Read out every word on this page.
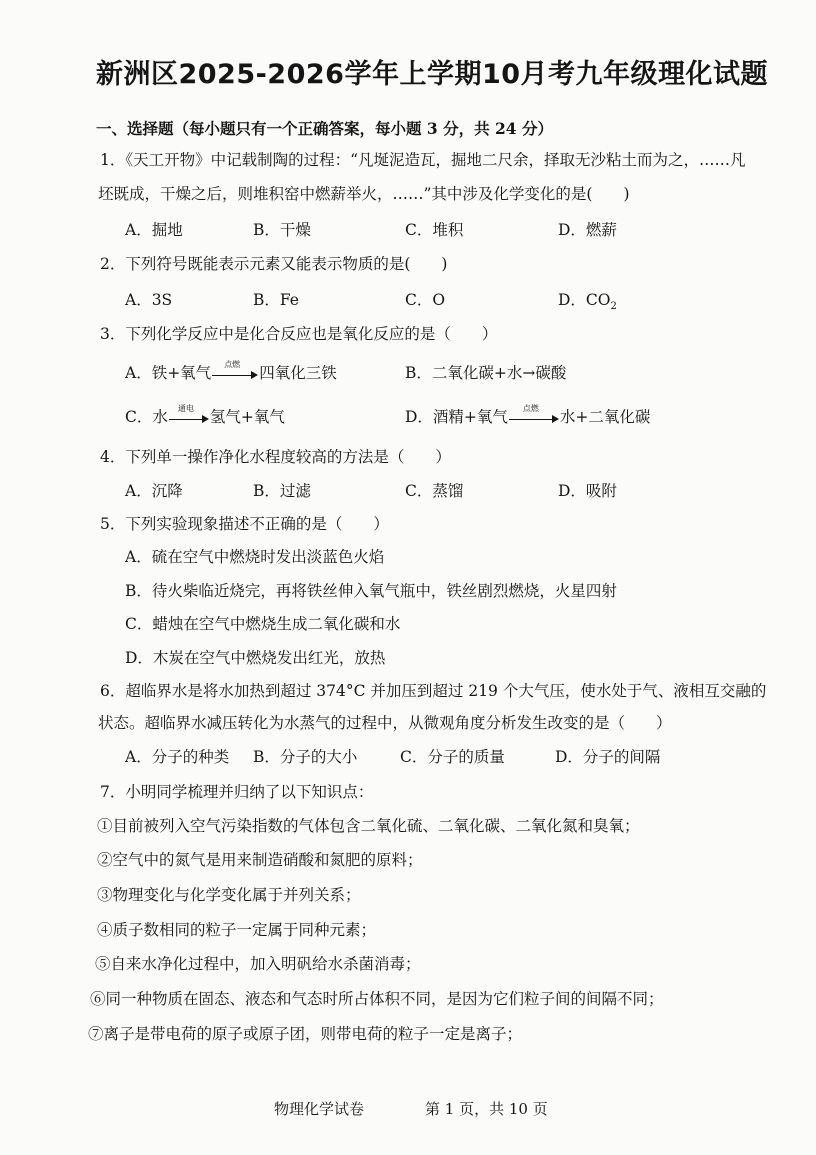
新洲区2025-2026学年上学期10月考九年级理化试题
一、选择题（每小题只有一个正确答案，每小题 3 分，共 24 分）
1．《天工开物》中记载制陶的过程：“凡埏泥造瓦，掘地二尺余，择取无沙粘土而为之，……凡
坯既成，干燥之后，则堆积窑中燃薪举火，……”其中涉及化学变化的是(　　)
A．掘地	B．干燥	C．堆积	D．燃薪
2．下列符号既能表示元素又能表示物质的是(　　)
A．3S	B．Fe	C．O	D．$CO_2$
3．下列化学反应中是化合反应也是氧化反应的是（　　）
A．铁+氧气	点燃	四氧化三铁	B．二氧化碳+水→碳酸
C．水	通电	氢气+氧气	D．酒精+氧气	点燃	水+二氧化碳
4．下列单一操作净化水程度较高的方法是（　　）
A．沉降	B．过滤	C．蒸馏	D．吸附
5．下列实验现象描述不正确的是（　　）
A．硫在空气中燃烧时发出淡蓝色火焰
B．待火柴临近烧完，再将铁丝伸入氧气瓶中，铁丝剧烈燃烧，火星四射
C．蜡烛在空气中燃烧生成二氧化碳和水
D．木炭在空气中燃烧发出红光，放热
6．超临界水是将水加热到超过 374°C 并加压到超过 219 个大气压，使水处于气、液相互交融的
状态。超临界水减压转化为水蒸气的过程中，从微观角度分析发生改变的是（　　）
A．分子的种类 B．分子的大小	C．分子的质量	D．分子的间隔
7．小明同学梳理并归纳了以下知识点：
①目前被列入空气污染指数的气体包含二氧化硫、二氧化碳、二氧化氮和臭氧；
②空气中的氮气是用来制造硝酸和氮肥的原料；
③物理变化与化学变化属于并列关系；
④质子数相同的粒子一定属于同种元素；
⑤自来水净化过程中，加入明矾给水杀菌消毒；
⑥同一种物质在固态、液态和气态时所占体积不同，是因为它们粒子间的间隔不同；
⑦离子是带电荷的原子或原子团，则带电荷的粒子一定是离子；
物理化学试卷	第 1 页，共 10 页
